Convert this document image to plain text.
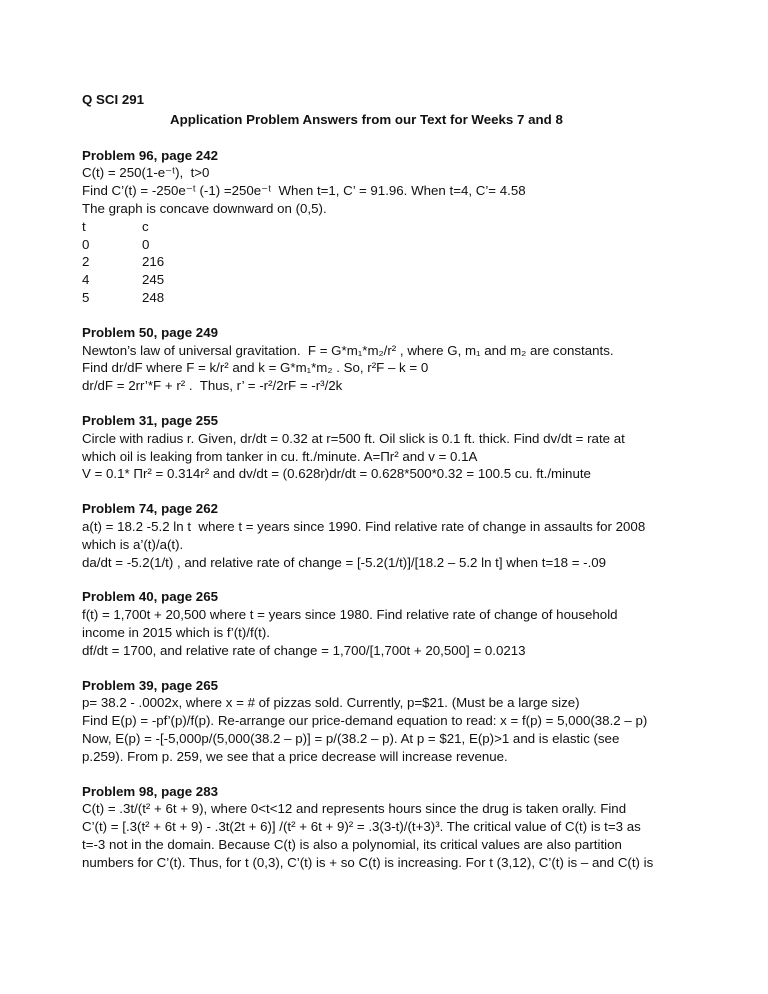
Q SCI 291

Application Problem Answers from our Text for Weeks 7 and 8

Problem 96, page 242

C(t) = 250(1-e⁻ᵗ),  t>0

Find C’(t) = -250e⁻ᵗ (-1) =250e⁻ᵗ  When t=1, C’ = 91.96. When t=4, C’= 4.58

The graph is concave downward on (0,5).

t	c
0	0
2	216
4	245
5	248

Problem 50, page 249

Newton’s law of universal gravitation.  F = G*m₁*m₂/r² , where G, m₁ and m₂ are constants.

Find dr/dF where F = k/r² and k = G*m₁*m₂ . So, r²F – k = 0

dr/dF = 2rr’*F + r² .  Thus, r’ = -r²/2rF = -r³/2k

Problem 31, page 255

Circle with radius r. Given, dr/dt = 0.32 at r=500 ft. Oil slick is 0.1 ft. thick. Find dv/dt = rate at

which oil is leaking from tanker in cu. ft./minute. A=Πr² and v = 0.1A

V = 0.1* Πr² = 0.314r² and dv/dt = (0.628r)dr/dt = 0.628*500*0.32 = 100.5 cu. ft./minute

Problem 74, page 262

a(t) = 18.2 -5.2 ln t  where t = years since 1990. Find relative rate of change in assaults for 2008

which is a’(t)/a(t).

da/dt = -5.2(1/t) , and relative rate of change = [-5.2(1/t)]/[18.2 – 5.2 ln t] when t=18 = -.09

Problem 40, page 265

f(t) = 1,700t + 20,500 where t = years since 1980. Find relative rate of change of household

income in 2015 which is f’(t)/f(t).

df/dt = 1700, and relative rate of change = 1,700/[1,700t + 20,500] = 0.0213

Problem 39, page 265

p= 38.2 - .0002x, where x = # of pizzas sold. Currently, p=$21. (Must be a large size)

Find E(p) = -pf’(p)/f(p). Re-arrange our price-demand equation to read: x = f(p) = 5,000(38.2 – p)

Now, E(p) = -[-5,000p/(5,000(38.2 – p)] = p/(38.2 – p). At p = $21, E(p)>1 and is elastic (see

p.259). From p. 259, we see that a price decrease will increase revenue.

Problem 98, page 283

C(t) = .3t/(t² + 6t + 9), where 0<t<12 and represents hours since the drug is taken orally. Find

C’(t) = [.3(t² + 6t + 9) - .3t(2t + 6)] /(t² + 6t + 9)² = .3(3-t)/(t+3)³. The critical value of C(t) is t=3 as

t=-3 not in the domain. Because C(t) is also a polynomial, its critical values are also partition

numbers for C’(t). Thus, for t (0,3), C’(t) is + so C(t) is increasing. For t (3,12), C’(t) is – and C(t) is
